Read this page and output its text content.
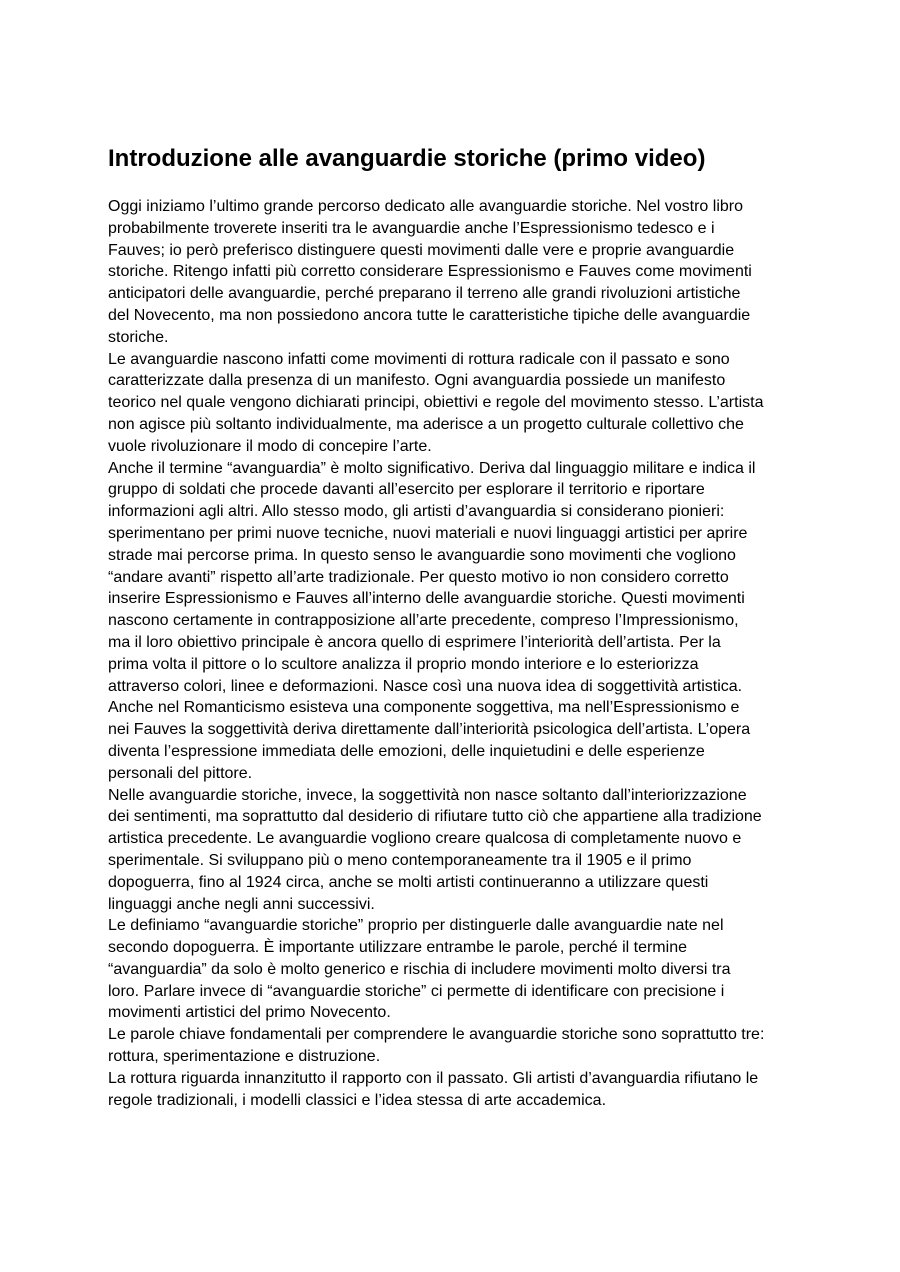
Introduzione alle avanguardie storiche (primo video)

Oggi iniziamo l’ultimo grande percorso dedicato alle avanguardie storiche. Nel vostro libro
probabilmente troverete inseriti tra le avanguardie anche l’Espressionismo tedesco e i
Fauves; io però preferisco distinguere questi movimenti dalle vere e proprie avanguardie
storiche. Ritengo infatti più corretto considerare Espressionismo e Fauves come movimenti
anticipatori delle avanguardie, perché preparano il terreno alle grandi rivoluzioni artistiche
del Novecento, ma non possiedono ancora tutte le caratteristiche tipiche delle avanguardie
storiche.

Le avanguardie nascono infatti come movimenti di rottura radicale con il passato e sono
caratterizzate dalla presenza di un manifesto. Ogni avanguardia possiede un manifesto
teorico nel quale vengono dichiarati principi, obiettivi e regole del movimento stesso. L’artista
non agisce più soltanto individualmente, ma aderisce a un progetto culturale collettivo che
vuole rivoluzionare il modo di concepire l’arte.

Anche il termine “avanguardia” è molto significativo. Deriva dal linguaggio militare e indica il
gruppo di soldati che procede davanti all’esercito per esplorare il territorio e riportare
informazioni agli altri. Allo stesso modo, gli artisti d’avanguardia si considerano pionieri:
sperimentano per primi nuove tecniche, nuovi materiali e nuovi linguaggi artistici per aprire
strade mai percorse prima. In questo senso le avanguardie sono movimenti che vogliono
“andare avanti” rispetto all’arte tradizionale. Per questo motivo io non considero corretto
inserire Espressionismo e Fauves all’interno delle avanguardie storiche. Questi movimenti
nascono certamente in contrapposizione all’arte precedente, compreso l’Impressionismo,
ma il loro obiettivo principale è ancora quello di esprimere l’interiorità dell’artista. Per la
prima volta il pittore o lo scultore analizza il proprio mondo interiore e lo esteriorizza
attraverso colori, linee e deformazioni. Nasce così una nuova idea di soggettività artistica.
Anche nel Romanticismo esisteva una componente soggettiva, ma nell’Espressionismo e
nei Fauves la soggettività deriva direttamente dall’interiorità psicologica dell’artista. L’opera
diventa l’espressione immediata delle emozioni, delle inquietudini e delle esperienze
personali del pittore.

Nelle avanguardie storiche, invece, la soggettività non nasce soltanto dall’interiorizzazione
dei sentimenti, ma soprattutto dal desiderio di rifiutare tutto ciò che appartiene alla tradizione
artistica precedente. Le avanguardie vogliono creare qualcosa di completamente nuovo e
sperimentale. Si sviluppano più o meno contemporaneamente tra il 1905 e il primo
dopoguerra, fino al 1924 circa, anche se molti artisti continueranno a utilizzare questi
linguaggi anche negli anni successivi.

Le definiamo “avanguardie storiche” proprio per distinguerle dalle avanguardie nate nel
secondo dopoguerra. È importante utilizzare entrambe le parole, perché il termine
“avanguardia” da solo è molto generico e rischia di includere movimenti molto diversi tra
loro. Parlare invece di “avanguardie storiche” ci permette di identificare con precisione i
movimenti artistici del primo Novecento.

Le parole chiave fondamentali per comprendere le avanguardie storiche sono soprattutto tre:
rottura, sperimentazione e distruzione.

La rottura riguarda innanzitutto il rapporto con il passato. Gli artisti d’avanguardia rifiutano le
regole tradizionali, i modelli classici e l’idea stessa di arte accademica.
